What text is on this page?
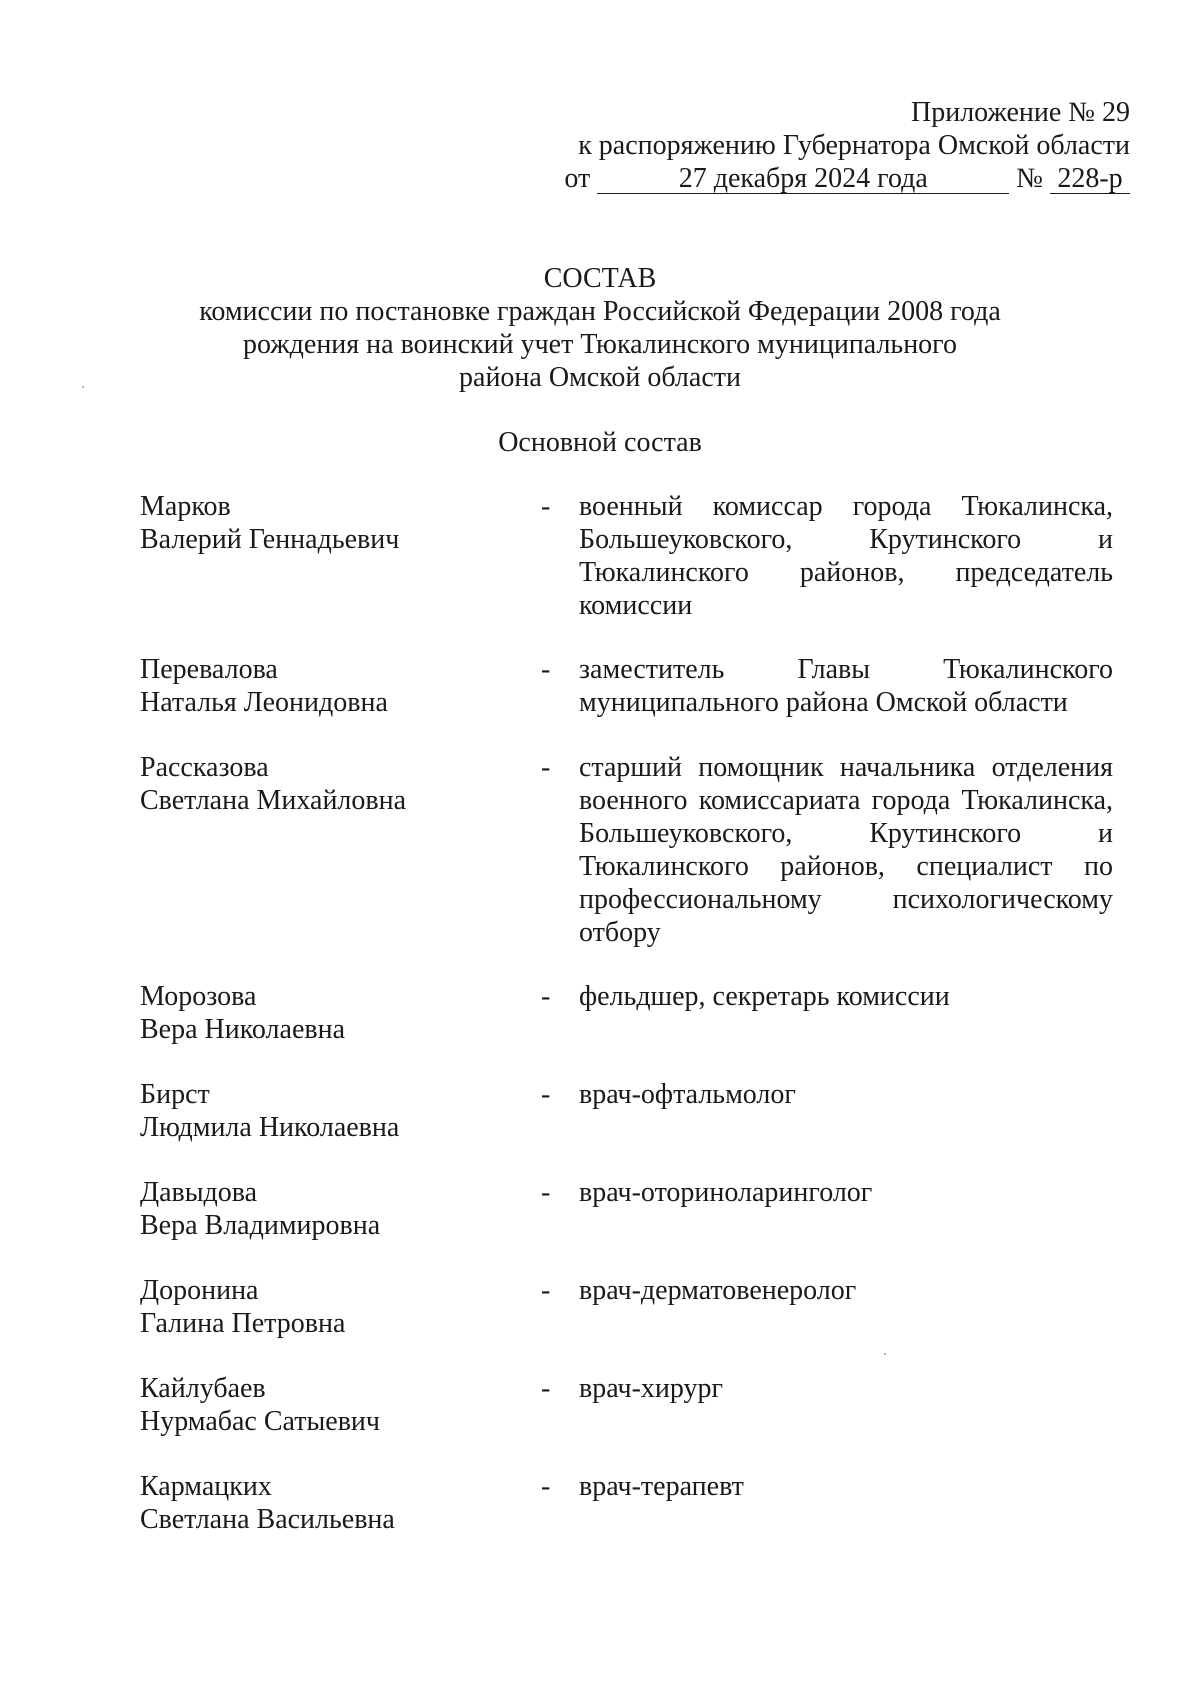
Приложение № 29
к распоряжению Губернатора Омской области
от	27 декабря 2024 года	№ 228-р
СОСТАВ
комиссии по постановке граждан Российской Федерации 2008 года
рождения на воинский учет Тюкалинского муниципального
района Омской области
Основной состав
Марков
Валерий Геннадьевич
- военный комиссар города Тюкалинска, Большеуковского, Крутинского и Тюкалинского районов, председатель комиссии
Перевалова
Наталья Леонидовна
- заместитель Главы Тюкалинского муниципального района Омской области
Рассказова
Светлана Михайловна
- старший помощник начальника отделения военного комиссариата города Тюкалинска, Большеуковского, Крутинского и Тюкалинского районов, специалист по профессиональному психологическому отбору
Морозова
Вера Николаевна
- фельдшер, секретарь комиссии
Бирст
Людмила Николаевна
- врач-офтальмолог
Давыдова
Вера Владимировна
- врач-оториноларинголог
Доронина
Галина Петровна
- врач-дерматовенеролог
Кайлубаев
Нурмабас Сатыевич
- врач-хирург
Кармацких
Светлана Васильевна
- врач-терапевт
